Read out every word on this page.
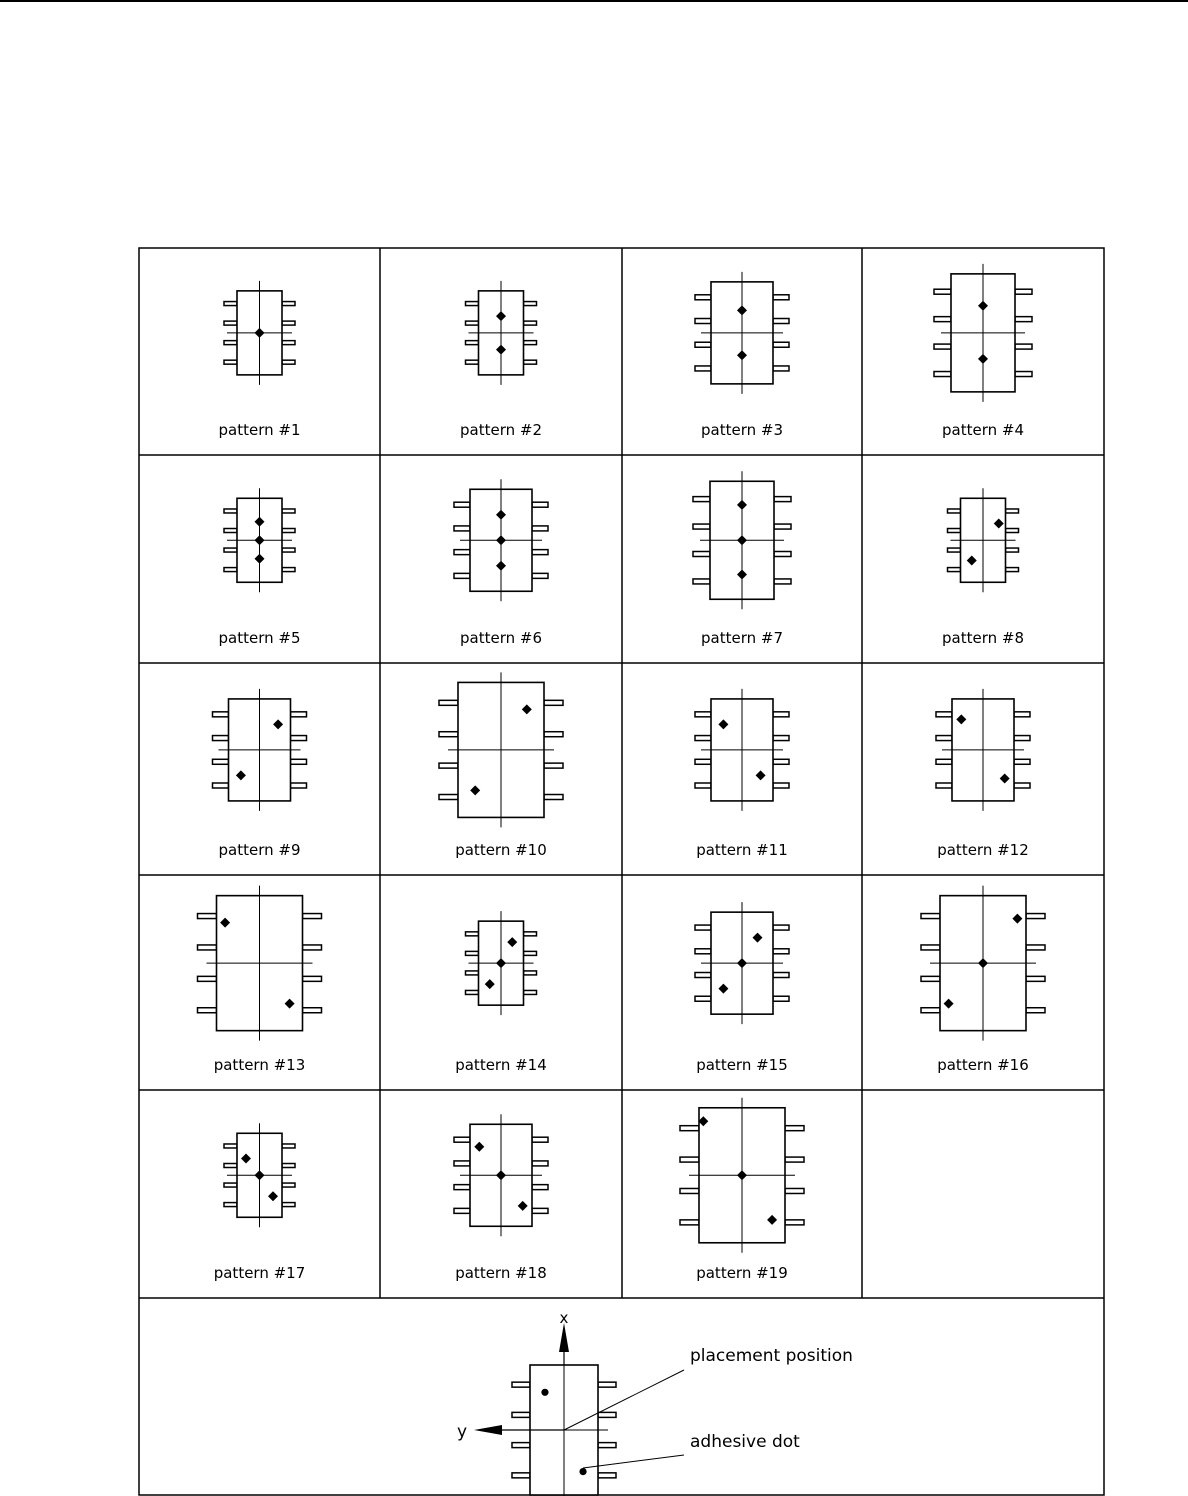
pattern #1	pattern #2	pattern #3	pattern #4
pattern #5	pattern #6	pattern #7	pattern #8
pattern #9	pattern #10	pattern #11	pattern #12
pattern #13	pattern #14	pattern #15	pattern #16
pattern #17	pattern #18	pattern #19
x
y
placement position
adhesive dot
